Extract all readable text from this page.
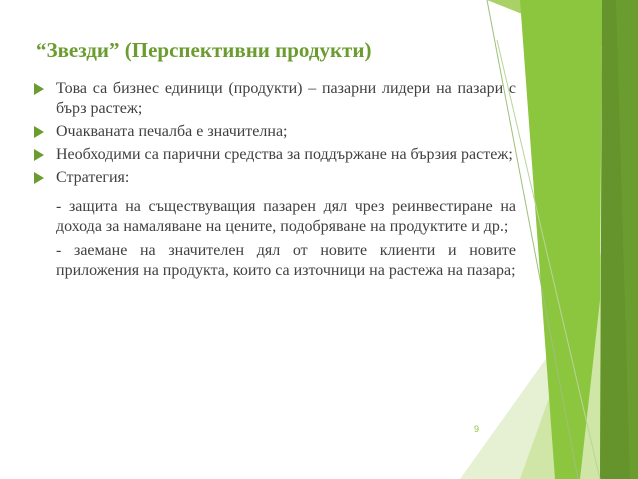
“Звезди” (Перспективни продукти)
Това са бизнес единици (продукти) – пазарни лидери на пазари с бърз растеж;
Очакваната печалба е значителна;
Необходими са парични средства за поддържане на бързия растеж;
Стратегия:
- защита на съществуващия пазарен дял чрез реинвестиране на дохода за намаляване на цените, подобряване на продуктите и др.;
- заемане на значителен дял от новите клиенти и новите приложения на продукта, които са източници на растежа на пазара;
9
